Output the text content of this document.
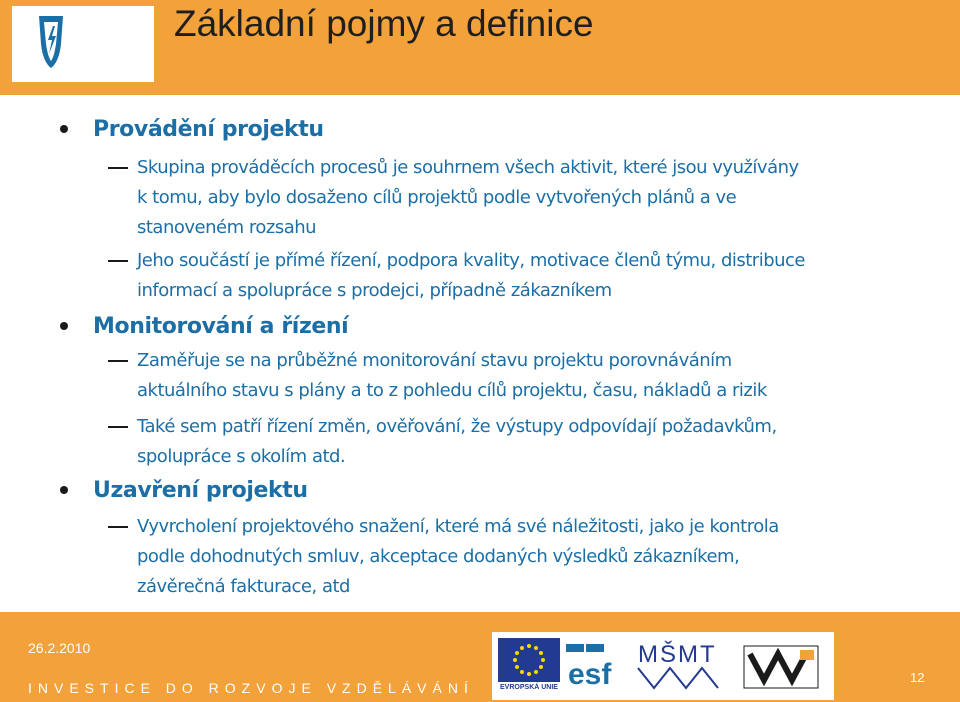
Základní pojmy a definice
Provádění projektu
Skupina prováděcích procesů je souhrnem všech aktivit, které jsou využívány
k tomu, aby bylo dosaženo cílů projektů podle vytvořených plánů a ve
stanoveném rozsahu
Jeho součástí je přímé řízení, podpora kvality, motivace členů týmu, distribuce
informací a spolupráce s prodejci, případně zákazníkem
Monitorování a řízení
Zaměřuje se na průběžné monitorování stavu projektu porovnáváním
aktuálního stavu s plány a to z pohledu cílů projektu, času, nákladů a rizik
Také sem patří řízení změn, ověřování, že výstupy odpovídají požadavkům,
spolupráce s okolím atd.
Uzavření projektu
Vyvrcholení projektového snažení, které má své náležitosti, jako je kontrola
podle dohodnutých smluv, akceptace dodaných výsledků zákazníkem,
závěrečná fakturace, atd
26.2.2010
INVESTICE DO ROZVOJE VZDĚLÁVÁNÍ	EVROPSKÁ UNIE esf
MŠMT
12
